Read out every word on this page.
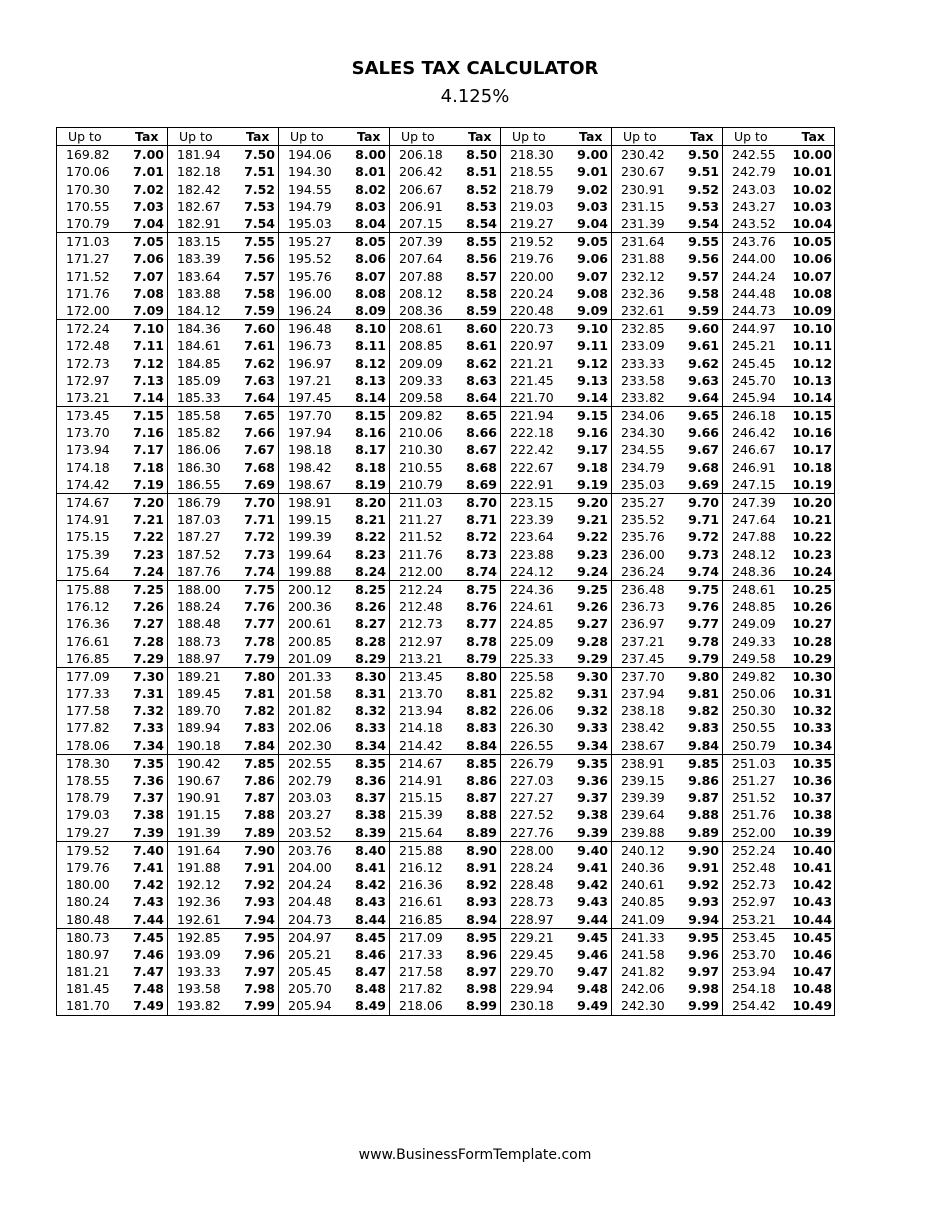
SALES TAX CALCULATOR
4.125%
Up to	Tax	Up to	Tax	Up to	Tax	Up to	Tax	Up to	Tax	Up to	Tax	Up to	Tax
169.82	7.00	181.94	7.50	194.06	8.00	206.18	8.50	218.30	9.00	230.42	9.50	242.55	10.00
170.06	7.01	182.18	7.51	194.30	8.01	206.42	8.51	218.55	9.01	230.67	9.51	242.79	10.01
170.30	7.02	182.42	7.52	194.55	8.02	206.67	8.52	218.79	9.02	230.91	9.52	243.03	10.02
170.55	7.03	182.67	7.53	194.79	8.03	206.91	8.53	219.03	9.03	231.15	9.53	243.27	10.03
170.79	7.04	182.91	7.54	195.03	8.04	207.15	8.54	219.27	9.04	231.39	9.54	243.52	10.04
171.03	7.05	183.15	7.55	195.27	8.05	207.39	8.55	219.52	9.05	231.64	9.55	243.76	10.05
171.27	7.06	183.39	7.56	195.52	8.06	207.64	8.56	219.76	9.06	231.88	9.56	244.00	10.06
171.52	7.07	183.64	7.57	195.76	8.07	207.88	8.57	220.00	9.07	232.12	9.57	244.24	10.07
171.76	7.08	183.88	7.58	196.00	8.08	208.12	8.58	220.24	9.08	232.36	9.58	244.48	10.08
172.00	7.09	184.12	7.59	196.24	8.09	208.36	8.59	220.48	9.09	232.61	9.59	244.73	10.09
172.24	7.10	184.36	7.60	196.48	8.10	208.61	8.60	220.73	9.10	232.85	9.60	244.97	10.10
172.48	7.11	184.61	7.61	196.73	8.11	208.85	8.61	220.97	9.11	233.09	9.61	245.21	10.11
172.73	7.12	184.85	7.62	196.97	8.12	209.09	8.62	221.21	9.12	233.33	9.62	245.45	10.12
172.97	7.13	185.09	7.63	197.21	8.13	209.33	8.63	221.45	9.13	233.58	9.63	245.70	10.13
173.21	7.14	185.33	7.64	197.45	8.14	209.58	8.64	221.70	9.14	233.82	9.64	245.94	10.14
173.45	7.15	185.58	7.65	197.70	8.15	209.82	8.65	221.94	9.15	234.06	9.65	246.18	10.15
173.70	7.16	185.82	7.66	197.94	8.16	210.06	8.66	222.18	9.16	234.30	9.66	246.42	10.16
173.94	7.17	186.06	7.67	198.18	8.17	210.30	8.67	222.42	9.17	234.55	9.67	246.67	10.17
174.18	7.18	186.30	7.68	198.42	8.18	210.55	8.68	222.67	9.18	234.79	9.68	246.91	10.18
174.42	7.19	186.55	7.69	198.67	8.19	210.79	8.69	222.91	9.19	235.03	9.69	247.15	10.19
174.67	7.20	186.79	7.70	198.91	8.20	211.03	8.70	223.15	9.20	235.27	9.70	247.39	10.20
174.91	7.21	187.03	7.71	199.15	8.21	211.27	8.71	223.39	9.21	235.52	9.71	247.64	10.21
175.15	7.22	187.27	7.72	199.39	8.22	211.52	8.72	223.64	9.22	235.76	9.72	247.88	10.22
175.39	7.23	187.52	7.73	199.64	8.23	211.76	8.73	223.88	9.23	236.00	9.73	248.12	10.23
175.64	7.24	187.76	7.74	199.88	8.24	212.00	8.74	224.12	9.24	236.24	9.74	248.36	10.24
175.88	7.25	188.00	7.75	200.12	8.25	212.24	8.75	224.36	9.25	236.48	9.75	248.61	10.25
176.12	7.26	188.24	7.76	200.36	8.26	212.48	8.76	224.61	9.26	236.73	9.76	248.85	10.26
176.36	7.27	188.48	7.77	200.61	8.27	212.73	8.77	224.85	9.27	236.97	9.77	249.09	10.27
176.61	7.28	188.73	7.78	200.85	8.28	212.97	8.78	225.09	9.28	237.21	9.78	249.33	10.28
176.85	7.29	188.97	7.79	201.09	8.29	213.21	8.79	225.33	9.29	237.45	9.79	249.58	10.29
177.09	7.30	189.21	7.80	201.33	8.30	213.45	8.80	225.58	9.30	237.70	9.80	249.82	10.30
177.33	7.31	189.45	7.81	201.58	8.31	213.70	8.81	225.82	9.31	237.94	9.81	250.06	10.31
177.58	7.32	189.70	7.82	201.82	8.32	213.94	8.82	226.06	9.32	238.18	9.82	250.30	10.32
177.82	7.33	189.94	7.83	202.06	8.33	214.18	8.83	226.30	9.33	238.42	9.83	250.55	10.33
178.06	7.34	190.18	7.84	202.30	8.34	214.42	8.84	226.55	9.34	238.67	9.84	250.79	10.34
178.30	7.35	190.42	7.85	202.55	8.35	214.67	8.85	226.79	9.35	238.91	9.85	251.03	10.35
178.55	7.36	190.67	7.86	202.79	8.36	214.91	8.86	227.03	9.36	239.15	9.86	251.27	10.36
178.79	7.37	190.91	7.87	203.03	8.37	215.15	8.87	227.27	9.37	239.39	9.87	251.52	10.37
179.03	7.38	191.15	7.88	203.27	8.38	215.39	8.88	227.52	9.38	239.64	9.88	251.76	10.38
179.27	7.39	191.39	7.89	203.52	8.39	215.64	8.89	227.76	9.39	239.88	9.89	252.00	10.39
179.52	7.40	191.64	7.90	203.76	8.40	215.88	8.90	228.00	9.40	240.12	9.90	252.24	10.40
179.76	7.41	191.88	7.91	204.00	8.41	216.12	8.91	228.24	9.41	240.36	9.91	252.48	10.41
180.00	7.42	192.12	7.92	204.24	8.42	216.36	8.92	228.48	9.42	240.61	9.92	252.73	10.42
180.24	7.43	192.36	7.93	204.48	8.43	216.61	8.93	228.73	9.43	240.85	9.93	252.97	10.43
180.48	7.44	192.61	7.94	204.73	8.44	216.85	8.94	228.97	9.44	241.09	9.94	253.21	10.44
180.73	7.45	192.85	7.95	204.97	8.45	217.09	8.95	229.21	9.45	241.33	9.95	253.45	10.45
180.97	7.46	193.09	7.96	205.21	8.46	217.33	8.96	229.45	9.46	241.58	9.96	253.70	10.46
181.21	7.47	193.33	7.97	205.45	8.47	217.58	8.97	229.70	9.47	241.82	9.97	253.94	10.47
181.45	7.48	193.58	7.98	205.70	8.48	217.82	8.98	229.94	9.48	242.06	9.98	254.18	10.48
181.70	7.49	193.82	7.99	205.94	8.49	218.06	8.99	230.18	9.49	242.30	9.99	254.42	10.49
www.BusinessFormTemplate.com
